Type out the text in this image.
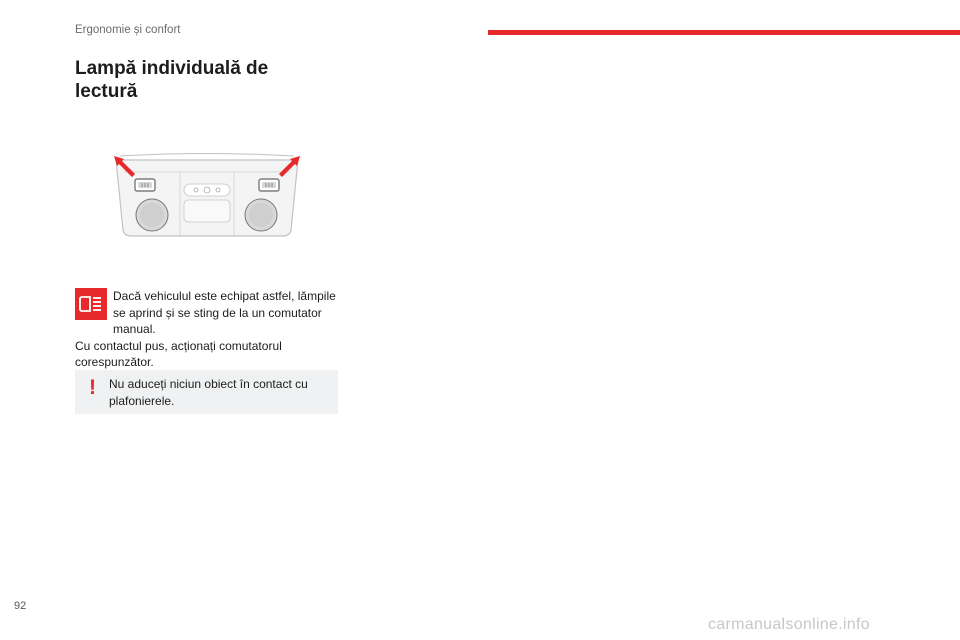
Ergonomie și confort
Lampă individuală de lectură

Dacă vehiculul este echipat astfel, lămpile se aprind și se sting de la un comutator manual.
Cu contactul pus, acționați comutatorul corespunzător.

! Nu aduceți niciun obiect în contact cu plafonierele.
92
carmanualsonline.info
